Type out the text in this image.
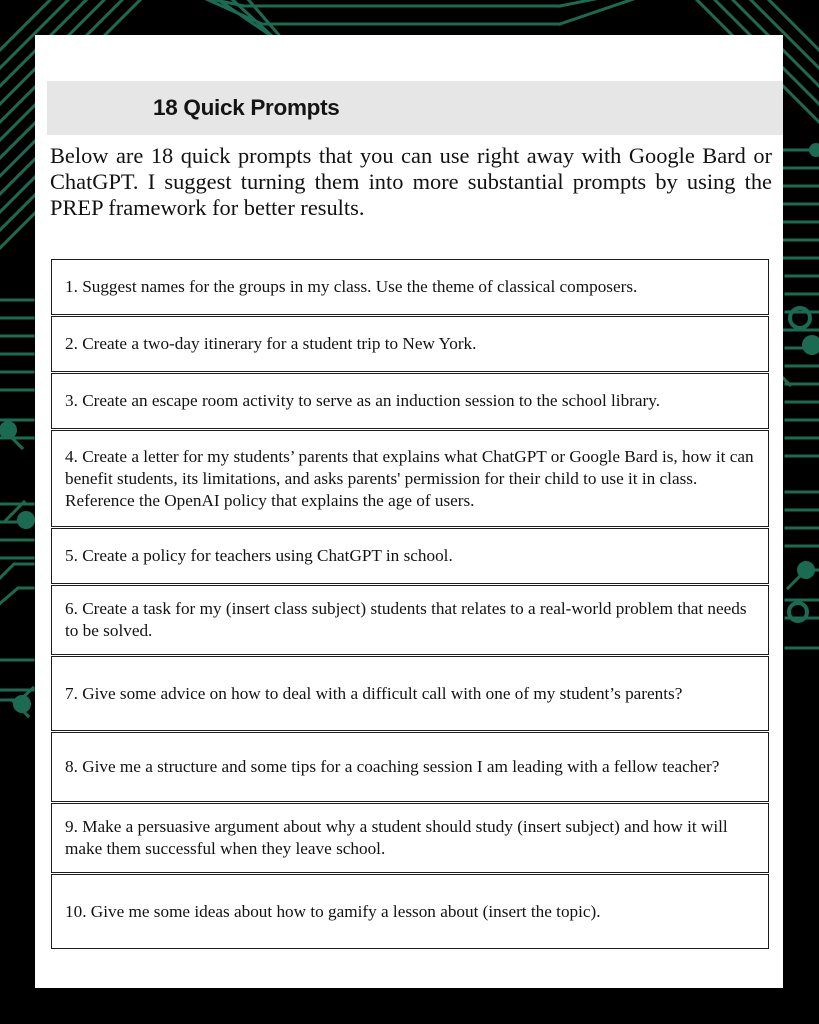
18 Quick Prompts
Below are 18 quick prompts that you can use right away with Google Bard or ChatGPT. I suggest turning them into more substantial prompts by using the PREP framework for better results.
1. Suggest names for the groups in my class. Use the theme of classical composers.
2. Create a two-day itinerary for a student trip to New York.
3. Create an escape room activity to serve as an induction session to the school library.
4. Create a letter for my students’ parents that explains what ChatGPT or Google Bard is, how it can benefit students, its limitations, and asks parents' permission for their child to use it in class. Reference the OpenAI policy that explains the age of users.
5. Create a policy for teachers using ChatGPT in school.
6. Create a task for my (insert class subject) students that relates to a real-world problem that needs to be solved.
7. Give some advice on how to deal with a difficult call with one of my student’s parents?
8. Give me a structure and some tips for a coaching session I am leading with a fellow teacher?
9. Make a persuasive argument about why a student should study (insert subject) and how it will make them successful when they leave school.
10. Give me some ideas about how to gamify a lesson about (insert the topic).
